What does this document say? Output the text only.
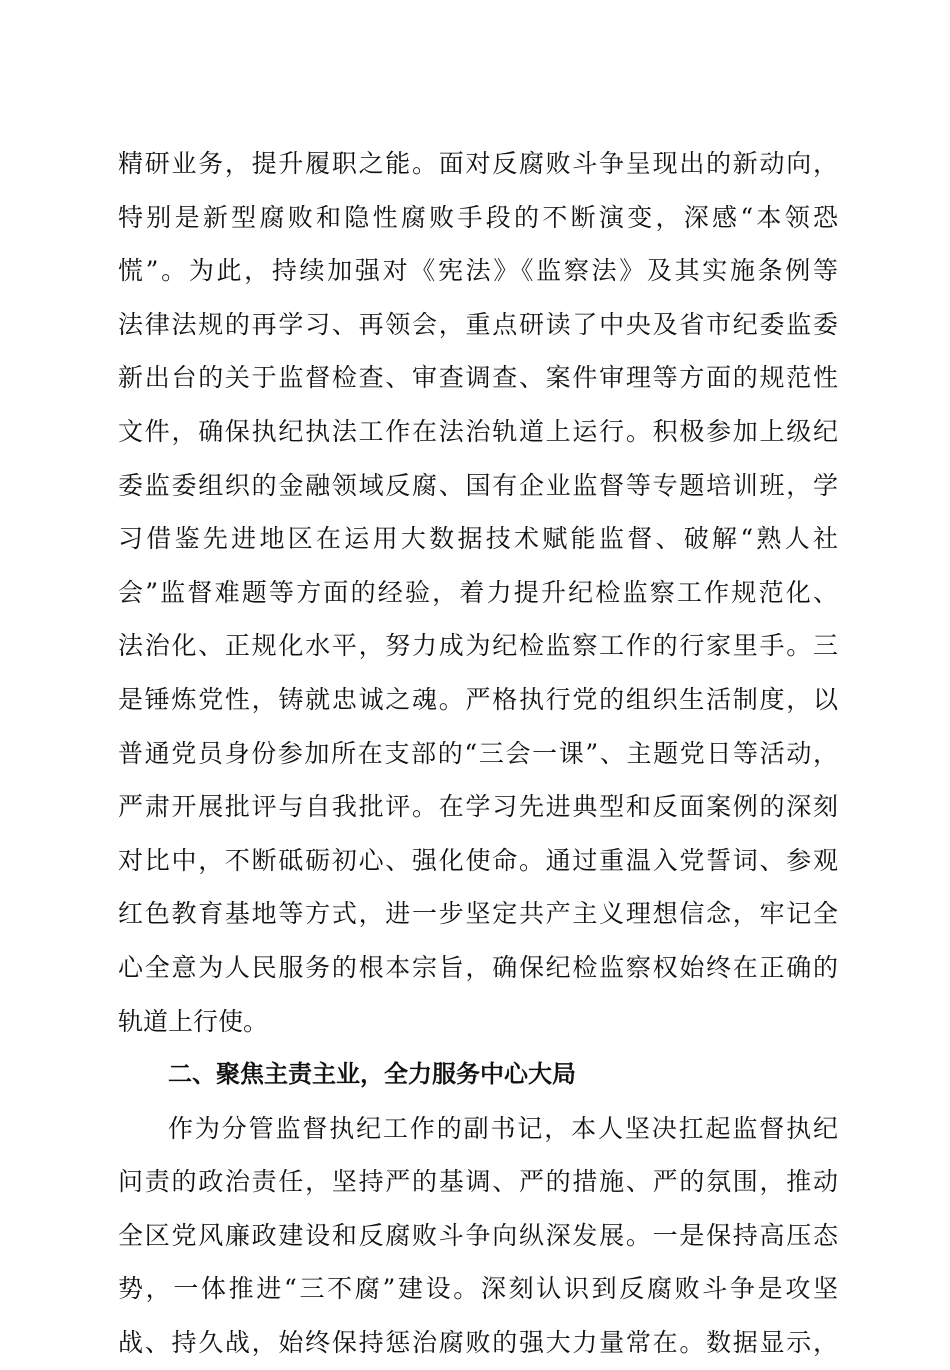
精研业务，提升履职之能。面对反腐败斗争呈现出的新动向，
特别是新型腐败和隐性腐败手段的不断演变，深感“本领恐
慌”。为此，持续加强对《宪法》《监察法》及其实施条例等
法律法规的再学习、再领会，重点研读了中央及省市纪委监委
新出台的关于监督检查、审查调查、案件审理等方面的规范性
文件，确保执纪执法工作在法治轨道上运行。积极参加上级纪
委监委组织的金融领域反腐、国有企业监督等专题培训班，学
习借鉴先进地区在运用大数据技术赋能监督、破解“熟人社
会”监督难题等方面的经验，着力提升纪检监察工作规范化、
法治化、正规化水平，努力成为纪检监察工作的行家里手。三
是锤炼党性，铸就忠诚之魂。严格执行党的组织生活制度，以
普通党员身份参加所在支部的“三会一课”、主题党日等活动，
严肃开展批评与自我批评。在学习先进典型和反面案例的深刻
对比中，不断砥砺初心、强化使命。通过重温入党誓词、参观
红色教育基地等方式，进一步坚定共产主义理想信念，牢记全
心全意为人民服务的根本宗旨，确保纪检监察权始终在正确的
轨道上行使。
二、聚焦主责主业，全力服务中心大局
作为分管监督执纪工作的副书记，本人坚决扛起监督执纪
问责的政治责任，坚持严的基调、严的措施、严的氛围，推动
全区党风廉政建设和反腐败斗争向纵深发展。一是保持高压态
势，一体推进“三不腐”建设。深刻认识到反腐败斗争是攻坚
战、持久战，始终保持惩治腐败的强大力量常在。数据显示，
